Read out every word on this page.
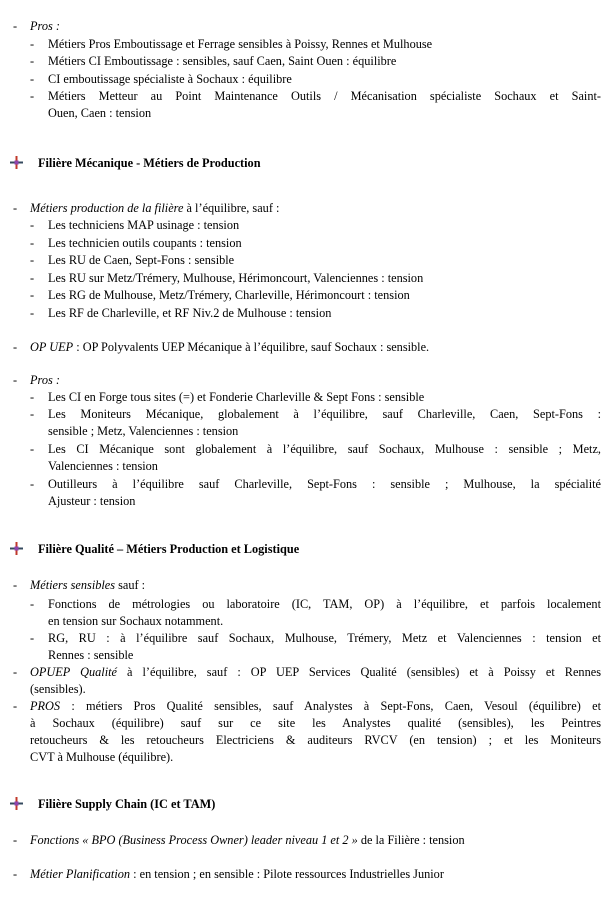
- Pros :
- Métiers Pros Emboutissage et Ferrage sensibles à Poissy, Rennes et Mulhouse
- Métiers CI Emboutissage : sensibles, sauf Caen, Saint Ouen : équilibre
- CI emboutissage spécialiste à Sochaux : équilibre
- Métiers Metteur au Point Maintenance Outils / Mécanisation spécialiste Sochaux et Saint-
Ouen, Caen : tension
Filière Mécanique - Métiers de Production
- Métiers production de la filière à l’équilibre, sauf :
- Les techniciens MAP usinage : tension
- Les technicien outils coupants : tension
- Les RU de Caen, Sept-Fons : sensible
- Les RU sur Metz/Trémery, Mulhouse, Hérimoncourt, Valenciennes : tension
- Les RG de Mulhouse, Metz/Trémery, Charleville, Hérimoncourt : tension
- Les RF de Charleville, et RF Niv.2 de Mulhouse : tension
- OP UEP : OP Polyvalents UEP Mécanique à l’équilibre, sauf Sochaux : sensible.
- Pros :
- Les CI en Forge tous sites (=) et Fonderie Charleville & Sept Fons : sensible
- Les Moniteurs Mécanique, globalement à l’équilibre, sauf Charleville, Caen, Sept-Fons :
sensible ; Metz, Valenciennes : tension
- Les CI Mécanique sont globalement à l’équilibre, sauf Sochaux, Mulhouse : sensible ; Metz,
Valenciennes : tension
- Outilleurs à l’équilibre sauf Charleville, Sept-Fons : sensible ; Mulhouse, la spécialité
Ajusteur : tension
Filière Qualité – Métiers Production et Logistique
- Métiers sensibles sauf :
- Fonctions de métrologies ou laboratoire (IC, TAM, OP) à l’équilibre, et parfois localement
en tension sur Sochaux notamment.
- RG, RU : à l’équilibre sauf Sochaux, Mulhouse, Trémery, Metz et Valenciennes : tension et
Rennes : sensible
- OPUEP Qualité à l’équilibre, sauf : OP UEP Services Qualité (sensibles) et à Poissy et Rennes
(sensibles).
- PROS : métiers Pros Qualité sensibles, sauf Analystes à Sept-Fons, Caen, Vesoul (équilibre) et
à Sochaux (équilibre) sauf sur ce site les Analystes qualité (sensibles), les Peintres
retoucheurs & les retoucheurs Electriciens & auditeurs RVCV (en tension) ; et les Moniteurs
CVT à Mulhouse (équilibre).
Filière Supply Chain (IC et TAM)
- Fonctions « BPO (Business Process Owner) leader niveau 1 et 2 » de la Filière : tension
- Métier Planification : en tension ; en sensible : Pilote ressources Industrielles Junior
